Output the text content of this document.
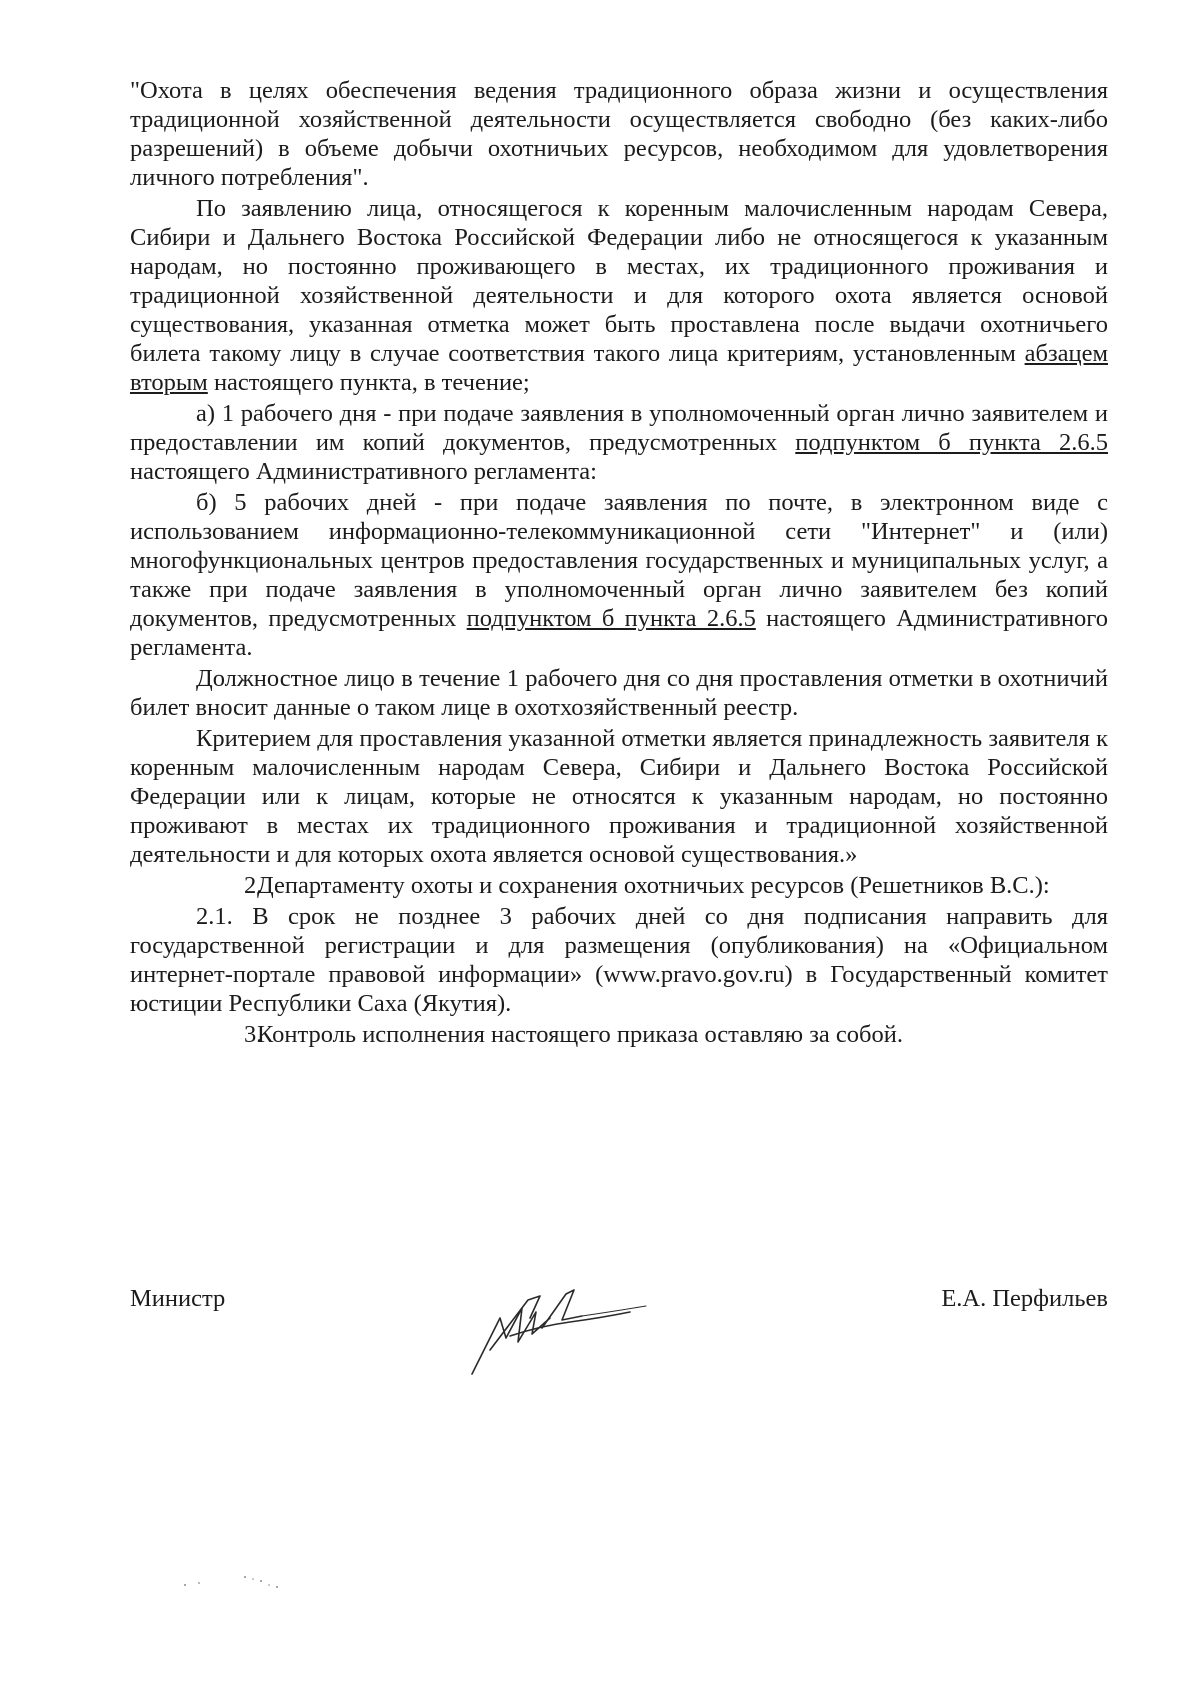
"Охота в целях обеспечения ведения традиционного образа жизни и осуществления традиционной хозяйственной деятельности осуществляется свободно (без каких-либо разрешений) в объеме добычи охотничьих ресурсов, необходимом для удовлетворения личного потребления".

По заявлению лица, относящегося к коренным малочисленным народам Севера, Сибири и Дальнего Востока Российской Федерации либо не относящегося к указанным народам, но постоянно проживающего в местах, их традиционного проживания и традиционной хозяйственной деятельности и для которого охота является основой существования, указанная отметка может быть проставлена после выдачи охотничьего билета такому лицу в случае соответствия такого лица критериям, установленным абзацем вторым настоящего пункта, в течение;

а) 1 рабочего дня - при подаче заявления в уполномоченный орган лично заявителем и предоставлении им копий документов, предусмотренных подпунктом б пункта 2.6.5 настоящего Административного регламента:

б) 5 рабочих дней - при подаче заявления по почте, в электронном виде с использованием информационно-телекоммуникационной сети "Интернет" и (или) многофункциональных центров предоставления государственных и муниципальных услуг, а также при подаче заявления в уполномоченный орган лично заявителем без копий документов, предусмотренных подпунктом б пункта 2.6.5 настоящего Административного регламента.

Должностное лицо в течение 1 рабочего дня со дня проставления отметки в охотничий билет вносит данные о таком лице в охотхозяйственный реестр.

Критерием для проставления указанной отметки является принадлежность заявителя к коренным малочисленным народам Севера, Сибири и Дальнего Востока Российской Федерации или к лицам, которые не относятся к указанным народам, но постоянно проживают в местах их традиционного проживания и традиционной хозяйственной деятельности и для которых охота является основой существования.»

2.Департаменту охоты и сохранения охотничьих ресурсов (Решетников В.С.):

2.1. В срок не позднее 3 рабочих дней со дня подписания направить для государственной регистрации и для размещения (опубликования) на «Официальном интернет-портале правовой информации» (www.pravo.gov.ru) в Государственный комитет юстиции Республики Саха (Якутия).

3.Контроль исполнения настоящего приказа оставляю за собой.

Министр	Е.А. Перфильев
